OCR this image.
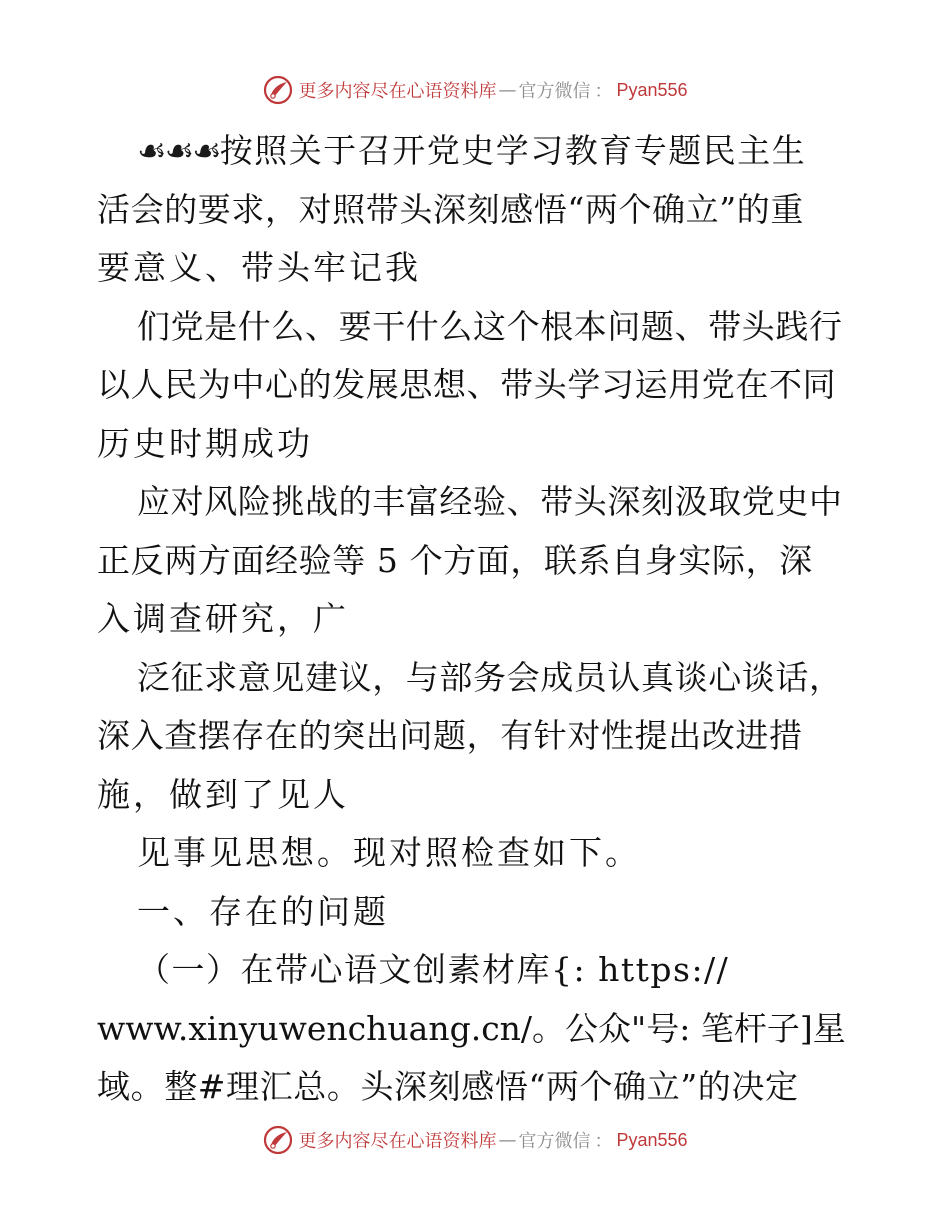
更多内容尽在心语资料库 — 官方微信 ： Pyan556
☙☙☙按照关于召开党史学习教育专题民主生
活会的要求，对照带头深刻感悟“两个确立”的重
要意义、带头牢记我
们党是什么、要干什么这个根本问题、带头践行
以人民为中心的发展思想、带头学习运用党在不同
历史时期成功
应对风险挑战的丰富经验、带头深刻汲取党史中
正反两方面经验等 5 个方面，联系自身实际，深
入调查研究，广
泛征求意见建议，与部务会成员认真谈心谈话，
深入查摆存在的突出问题，有针对性提出改进措
施，做到了见人
见事见思想。现对照检查如下。
一、存在的问题
（一）在带心语文创素材库{: https://
www.xinyuwenchuang.cn/。公众"号: 笔杆子]星
域。整#理汇总。头深刻感悟“两个确立”的决定
更多内容尽在心语资料库 — 官方微信 ： Pyan556
